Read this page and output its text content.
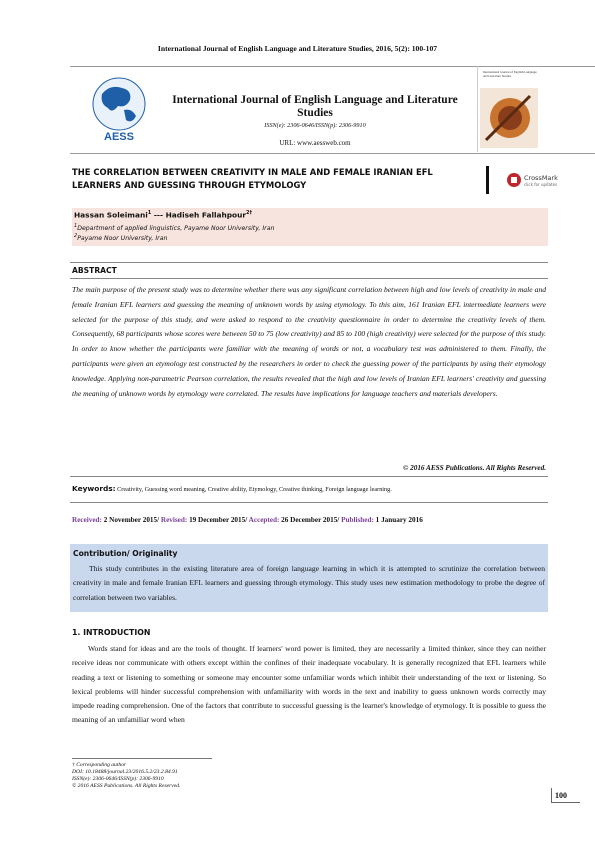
International Journal of English Language and Literature Studies, 2016, 5(2): 100-107
AESS
International Journal of English Language and Literature Studies
ISSN(e): 2306-0646/ISSN(p): 2306-9910
URL: www.aessweb.com
International Journal of English Language and Literature Studies
THE CORRELATION BETWEEN CREATIVITY IN MALE AND FEMALE IRANIAN EFL
LEARNERS AND GUESSING THROUGH ETYMOLOGY
CrossMark
click for updates
Hassan Soleimani$^1$ --- Hadiseh Fallahpour$^{2\dagger}$
$^1$Department of applied linguistics, Payame Noor University, Iran
$^2$Payame Noor University, Iran
ABSTRACT
The main purpose of the present study was to determine whether there was any significant correlation between high and low levels of creativity in male and female Iranian EFL learners and guessing the meaning of unknown words by using etymology. To this aim, 161 Iranian EFL intermediate learners were selected for the purpose of this study, and were asked to respond to the creativity questionnaire in order to determine the creativity levels of them. Consequently, 68 participants whose scores were between 50 to 75 (low creativity) and 85 to 100 (high creativity) were selected for the purpose of this study. In order to know whether the participants were familiar with the meaning of words or not, a vocabulary test was administered to them. Finally, the participants were given an etymology test constructed by the researchers in order to check the guessing power of the participants by using their etymology knowledge. Applying non-parametric Pearson correlation, the results revealed that the high and low levels of Iranian EFL learners' creativity and guessing the meaning of unknown words by etymology were correlated. The results have implications for language teachers and materials developers.
© 2016 AESS Publications. All Rights Reserved.
Keywords: Creativity, Guessing word meaning, Creative ability, Etymology, Creative thinking, Foreign language learning.
Received: 2 November 2015/ Revised: 19 December 2015/ Accepted: 26 December 2015/ Published: 1 January 2016
Contribution/ Originality
This study contributes in the existing literature area of foreign language learning in which it is attempted to scrutinize the correlation between creativity in male and female Iranian EFL learners and guessing through etymology. This study uses new estimation methodology to probe the degree of correlation between two variables.
1. INTRODUCTION
Words stand for ideas and are the tools of thought. If learners' word power is limited, they are necessarily a limited thinker, since they can neither receive ideas nor communicate with others except within the confines of their inadequate vocabulary. It is generally recognized that EFL learners while reading a text or listening to something or someone may encounter some unfamiliar words which inhibit their understanding of the text or listening. So lexical problems will hinder successful comprehension with unfamiliarity with words in the text and inability to guess unknown words correctly may impede reading comprehension. One of the factors that contribute to successful guessing is the learner's knowledge of etymology. It is possible to guess the meaning of an unfamiliar word when
† Corresponding author
DOI: 10.18488/journal.23/2016.5.2/23.2.84.91
ISSN(e): 2306-0646/ISSN(p): 2306-9910
© 2016 AESS Publications. All Rights Reserved.
100
